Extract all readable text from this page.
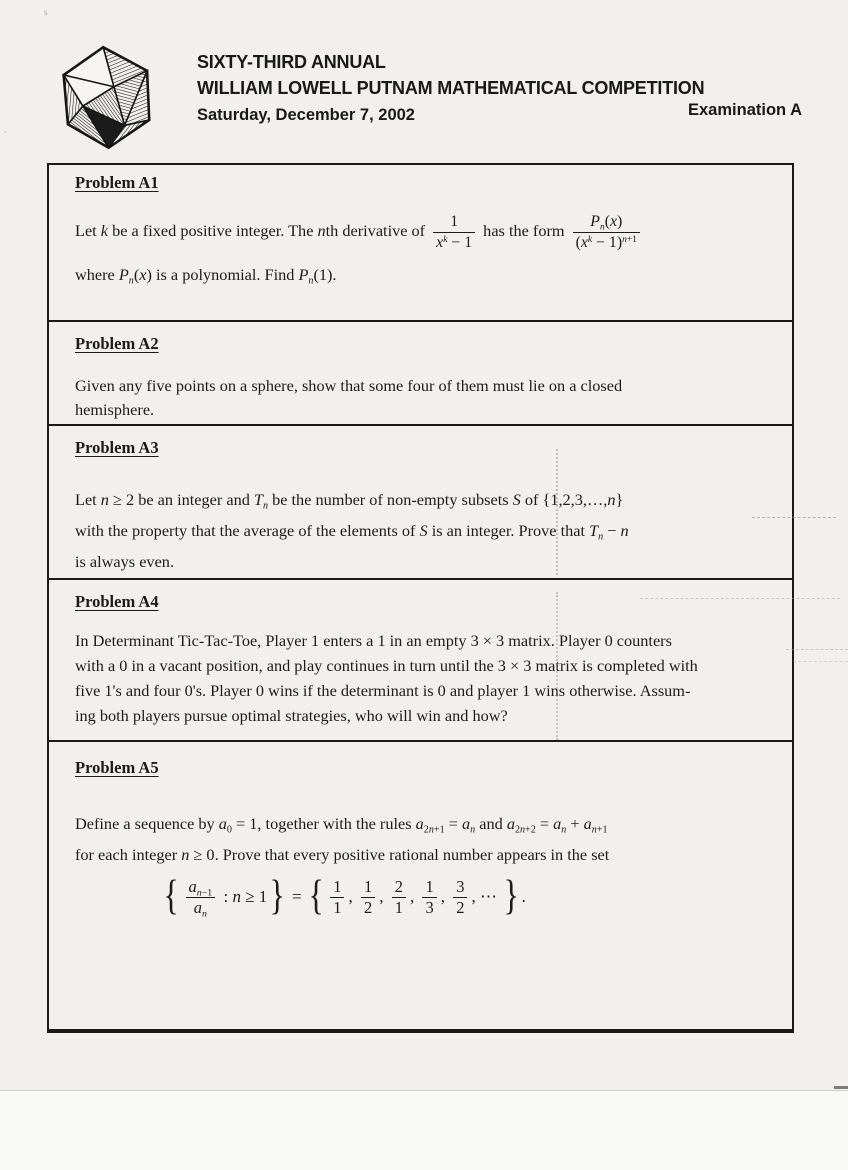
SIXTY-THIRD ANNUAL
WILLIAM LOWELL PUTNAM MATHEMATICAL COMPETITION
Saturday, December 7, 2002	Examination A
Problem A1
Let k be a fixed positive integer. The nth derivative of $\frac{1}{x^k - 1}$ has the form $\frac{P_n(x)}{(x^k - 1)^{n+1}}$
where $P_n(x)$ is a polynomial. Find $P_n(1)$.
Problem A2
Given any five points on a sphere, show that some four of them must lie on a closed
hemisphere.
Problem A3
Let n ≥ 2 be an integer and $T_n$ be the number of non-empty subsets S of {1,2,3,…,n}
with the property that the average of the elements of S is an integer. Prove that $T_n - n$
is always even.
Problem A4
In Determinant Tic-Tac-Toe, Player 1 enters a 1 in an empty 3 × 3 matrix. Player 0 counters
with a 0 in a vacant position, and play continues in turn until the 3 × 3 matrix is completed with
five 1's and four 0's. Player 0 wins if the determinant is 0 and player 1 wins otherwise. Assum-
ing both players pursue optimal strategies, who will win and how?
Problem A5
Define a sequence by $a_0 = 1$, together with the rules $a_{2n+1} = a_n$ and $a_{2n+2} = a_n + a_{n+1}$
for each integer n ≥ 0. Prove that every positive rational number appears in the set
{ $\frac{a_{n-1}}{a_n}$ : n ≥ 1} = { $\frac{1}{1}$ , $\frac{1}{2}$ , $\frac{2}{1}$ , $\frac{1}{3}$ , $\frac{3}{2}$ , ⋯ } .
s
,
